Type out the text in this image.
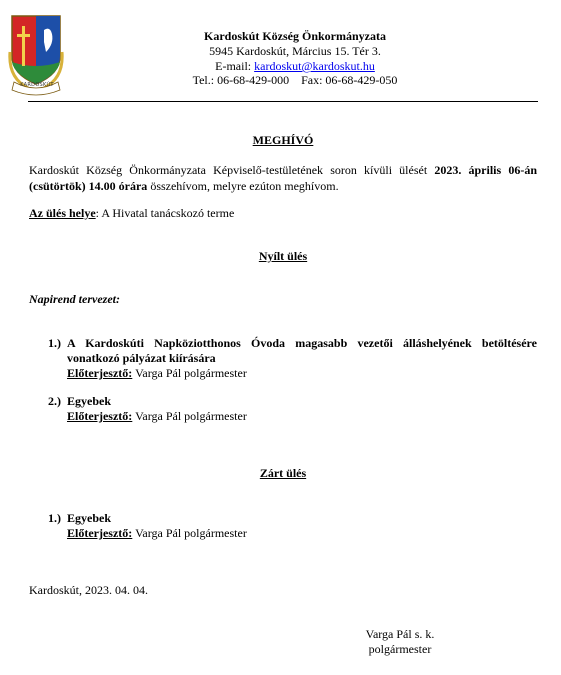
KARDOSKÚT
Kardoskút Község Önkormányzata
5945 Kardoskút, Március 15. Tér 3.
E-mail: kardoskut@kardoskut.hu
Tel.: 06-68-429-000    Fax: 06-68-429-050
MEGHÍVÓ
Kardoskút Község Önkormányzata Képviselő-testületének soron kívüli ülését 2023. április 06-án (csütörtök) 14.00 órára összehívom, melyre ezúton meghívom.
Az ülés helye: A Hivatal tanácskozó terme
Nyílt ülés
Napirend tervezet:
1.) A Kardoskúti Napköziotthonos Óvoda magasabb vezetői álláshelyének betöltésére vonatkozó pályázat kiírására
Előterjesztő: Varga Pál polgármester
2.) Egyebek
Előterjesztő: Varga Pál polgármester
Zárt ülés
1.) Egyebek
Előterjesztő: Varga Pál polgármester
Kardoskút, 2023. 04. 04.
Varga Pál s. k.
polgármester
